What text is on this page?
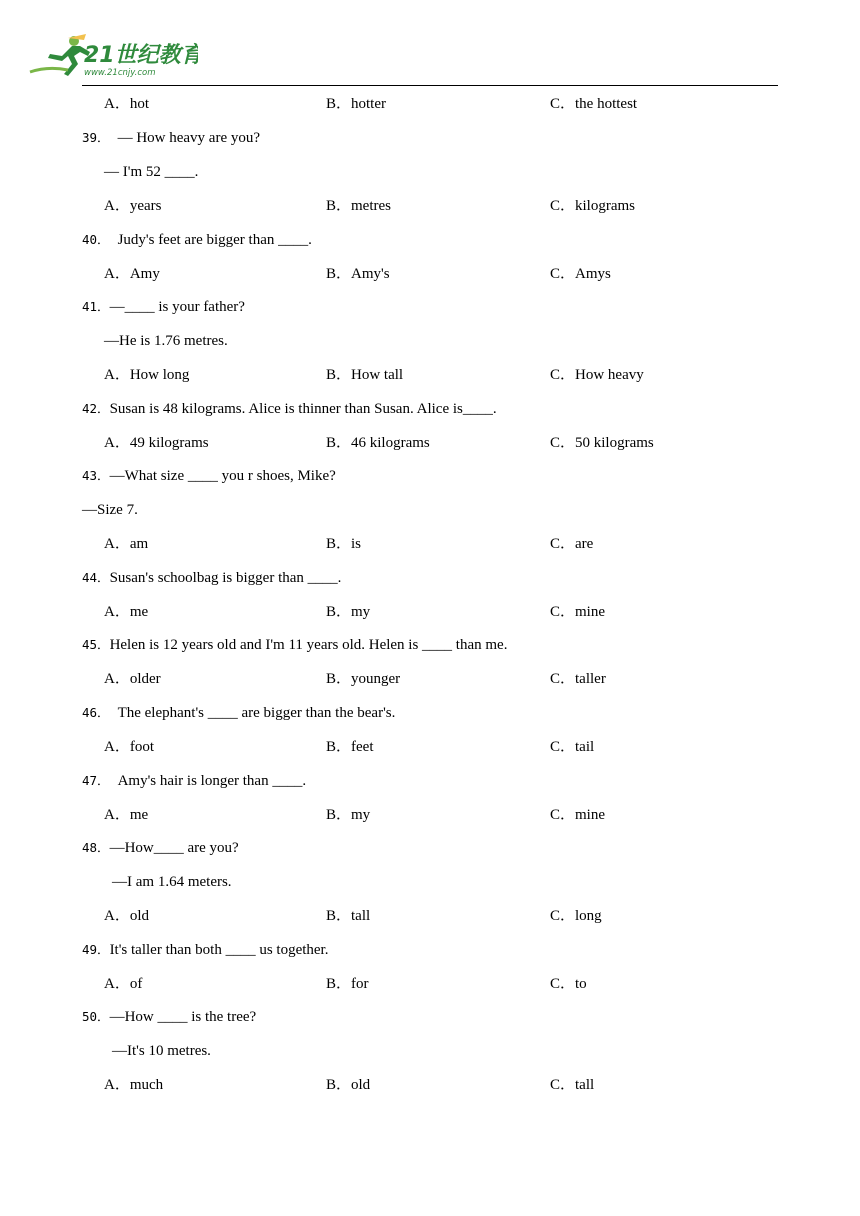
21世纪教育
www.21cnjy.com
A．hot	B．hotter	C．the hottest
39． — How heavy are you?
— I'm 52 ____.
A．years	B．metres	C．kilograms
40． Judy's feet are bigger than ____.
A．Amy	B．Amy's	C．Amys
41．—____ is your father?
—He is 1.76 metres.
A．How long	B．How tall	C．How heavy
42．Susan is 48 kilograms. Alice is thinner than Susan. Alice is____.
A．49 kilograms	B．46 kilograms	C．50 kilograms
43．—What size ____ you r shoes, Mike?
—Size 7.
A．am	B．is	C．are
44．Susan's schoolbag is bigger than ____.
A．me	B．my	C．mine
45．Helen is 12 years old and I'm 11 years old. Helen is ____ than me.
A．older	B．younger	C．taller
46． The elephant's ____ are bigger than the bear's.
A．foot	B．feet	C．tail
47． Amy's hair is longer than ____.
A．me	B．my	C．mine
48．—How____ are you?
—I am 1.64 meters.
A．old	B．tall	C．long
49．It's taller than both ____ us together.
A．of	B．for	C．to
50．—How ____ is the tree?
—It's 10 metres.
A．much	B．old	C．tall
